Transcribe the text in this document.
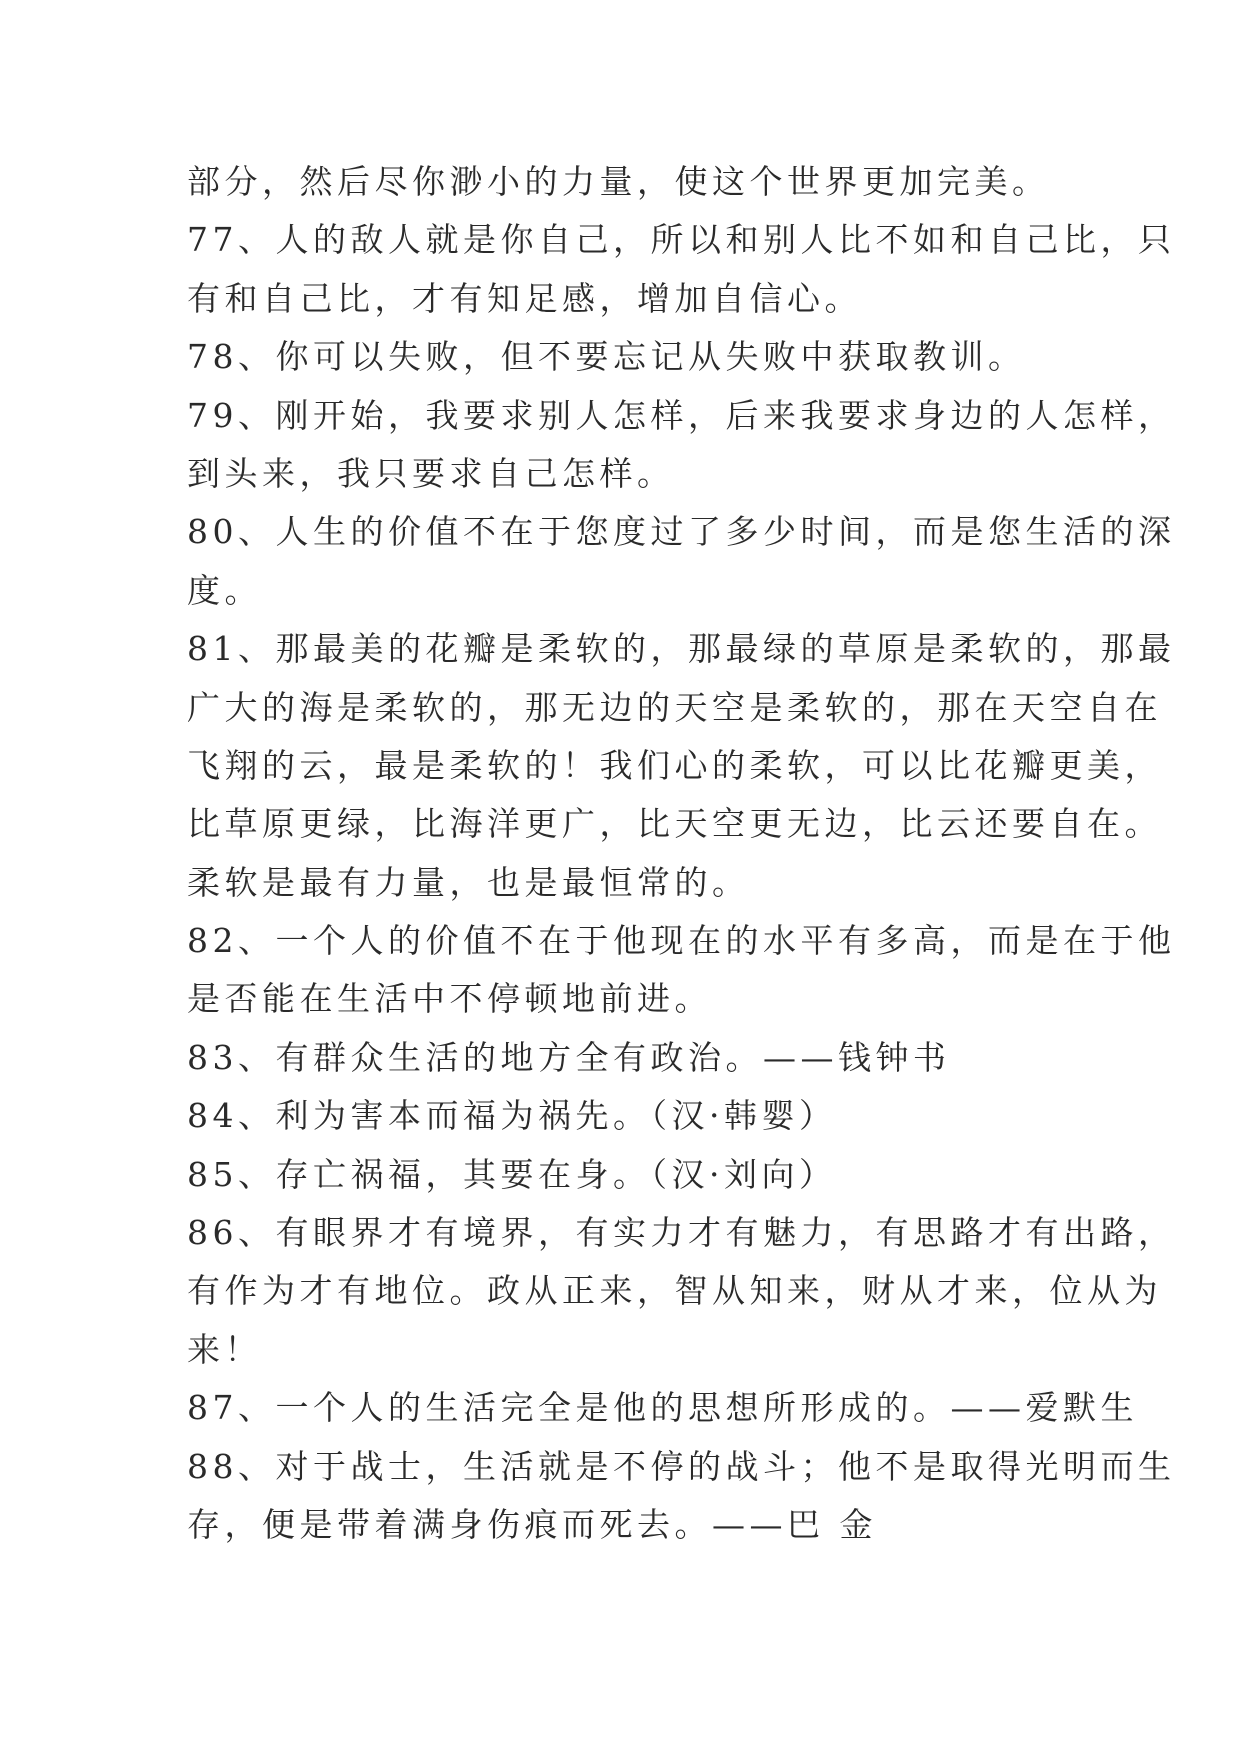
部分，然后尽你渺小的力量，使这个世界更加完美。
77、人的敌人就是你自己，所以和别人比不如和自己比，只
有和自己比，才有知足感，增加自信心。
78、你可以失败，但不要忘记从失败中获取教训。
79、刚开始，我要求别人怎样，后来我要求身边的人怎样，
到头来，我只要求自己怎样。
80、人生的价值不在于您度过了多少时间，而是您生活的深
度。
81、那最美的花瓣是柔软的，那最绿的草原是柔软的，那最
广大的海是柔软的，那无边的天空是柔软的，那在天空自在
飞翔的云，最是柔软的！我们心的柔软，可以比花瓣更美，
比草原更绿，比海洋更广，比天空更无边，比云还要自在。
柔软是最有力量，也是最恒常的。
82、一个人的价值不在于他现在的水平有多高，而是在于他
是否能在生活中不停顿地前进。
83、有群众生活的地方全有政治。——钱钟书
84、利为害本而福为祸先。（汉·韩婴）
85、存亡祸福，其要在身。（汉·刘向）
86、有眼界才有境界，有实力才有魅力，有思路才有出路，
有作为才有地位。政从正来，智从知来，财从才来，位从为
来！
87、一个人的生活完全是他的思想所形成的。——爱默生
88、对于战士，生活就是不停的战斗；他不是取得光明而生
存，便是带着满身伤痕而死去。——巴 金
